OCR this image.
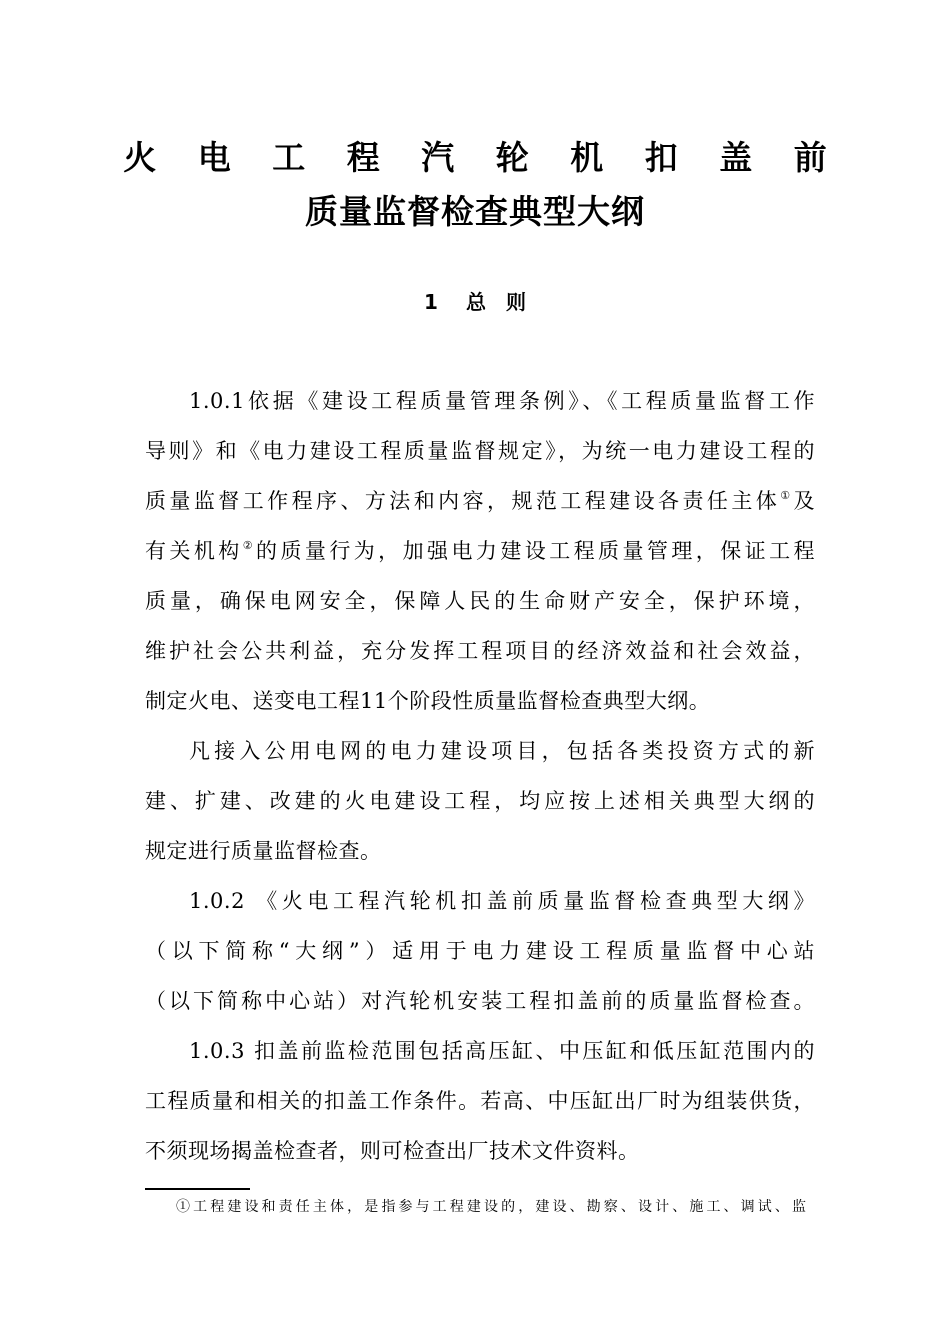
火 电 工 程 汽 轮 机 扣 盖 前
质量监督检查典型大纲
1 总　则
1.0.1依据《建设工程质量管理条例》、《工程质量监督工作
导则》和《电力建设工程质量监督规定》，为统一电力建设工程的
质量监督工作程序、方法和内容，规范工程建设各责任主体①及
有关机构②的质量行为，加强电力建设工程质量管理，保证工程
质量，确保电网安全，保障人民的生命财产安全，保护环境，
维护社会公共利益，充分发挥工程项目的经济效益和社会效益，
制定火电、送变电工程11个阶段性质量监督检查典型大纲。
凡接入公用电网的电力建设项目，包括各类投资方式的新
建、扩建、改建的火电建设工程，均应按上述相关典型大纲的
规定进行质量监督检查。
1.0.2 《火电工程汽轮机扣盖前质量监督检查典型大纲》
（以下简称“大纲”）适用于电力建设工程质量监督中心站
（以下简称中心站）对汽轮机安装工程扣盖前的质量监督检查。
1.0.3 扣盖前监检范围包括高压缸、中压缸和低压缸范围内的
工程质量和相关的扣盖工作条件。若高、中压缸出厂时为组装供货，
不须现场揭盖检查者，则可检查出厂技术文件资料。
①工程建设和责任主体，是指参与工程建设的，建设、勘察、设计、施工、调试、监
